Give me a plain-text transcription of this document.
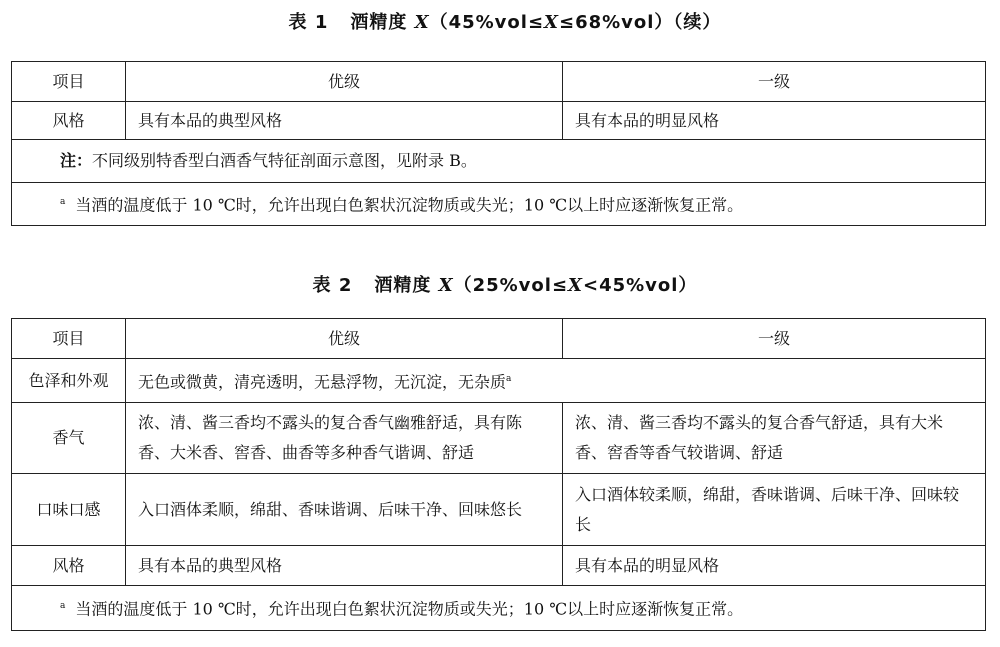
表 1 酒精度 X（45%vol≤X≤68%vol）（续）
项目	优级	一级
风格	具有本品的典型风格	具有本品的明显风格
注：不同级别特香型白酒香气特征剖面示意图，见附录 B。		
$^a$ 当酒的温度低于 10 ℃时，允许出现白色絮状沉淀物质或失光；10 ℃以上时应逐渐恢复正常。		
表 2 酒精度 X（25%vol≤X<45%vol）
项目	优级	一级
色泽和外观	无色或微黄，清亮透明，无悬浮物，无沉淀，无杂质$^a$
香气	浓、清、酱三香均不露头的复合香气幽雅舒适，具有陈香、大米香、窖香、曲香等多种香气谐调、舒适	浓、清、酱三香均不露头的复合香气舒适，具有大米香、窖香等香气较谐调、舒适
口味口感	入口酒体柔顺，绵甜、香味谐调、后味干净、回味悠长	入口酒体较柔顺，绵甜，香味谐调、后味干净、回味较长
风格	具有本品的典型风格	具有本品的明显风格
$^a$ 当酒的温度低于 10 ℃时，允许出现白色絮状沉淀物质或失光；10 ℃以上时应逐渐恢复正常。		
